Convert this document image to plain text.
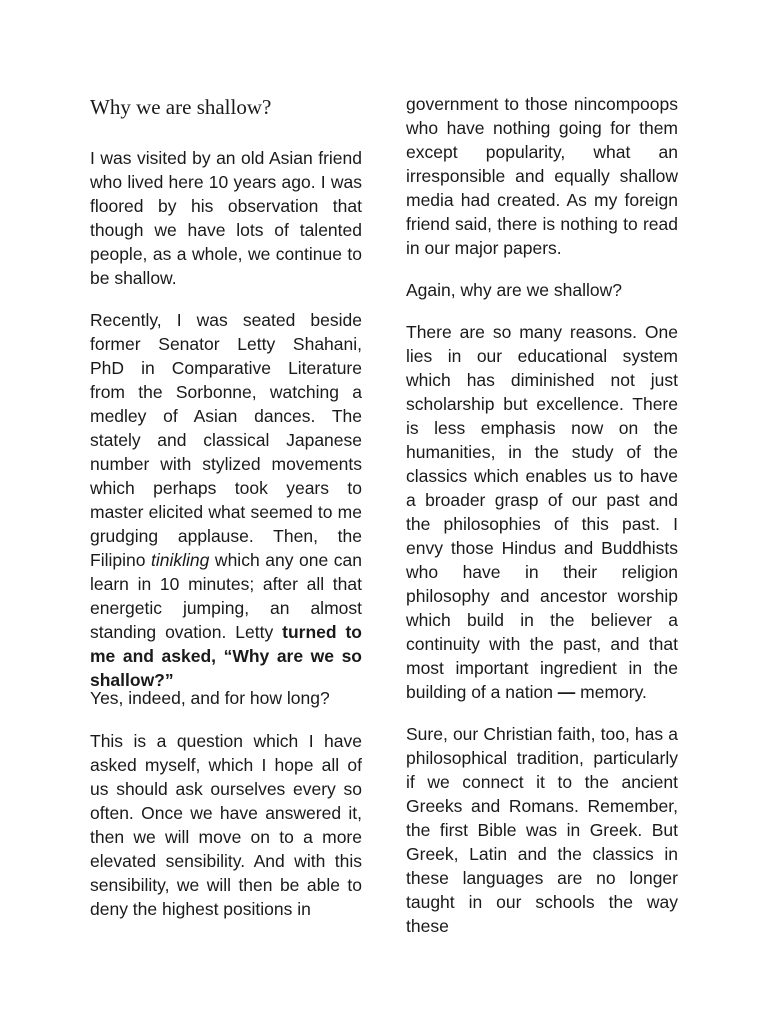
Why we are shallow?

I was visited by an old Asian friend who lived here 10 years ago. I was floored by his observation that though we have lots of talented people, as a whole, we continue to be shallow.

Recently, I was seated beside former Senator Letty Shahani, PhD in Comparative Literature from the Sorbonne, watching a medley of Asian dances. The stately and classical Japanese number with stylized movements which perhaps took years to master elicited what seemed to me grudging applause. Then, the Filipino tinikling which any one can learn in 10 minutes; after all that energetic jumping, an almost standing ovation. Letty turned to me and asked, “Why are we so shallow?”

Yes, indeed, and for how long?

This is a question which I have asked myself, which I hope all of us should ask ourselves every so often. Once we have answered it, then we will move on to a more elevated sensibility. And with this sensibility, we will then be able to deny the highest positions in

government to those nincompoops who have nothing going for them except popularity, what an irresponsible and equally shallow media had created. As my foreign friend said, there is nothing to read in our major papers.

Again, why are we shallow?

There are so many reasons. One lies in our educational system which has diminished not just scholarship but excellence. There is less emphasis now on the humanities, in the study of the classics which enables us to have a broader grasp of our past and the philosophies of this past. I envy those Hindus and Buddhists who have in their religion philosophy and ancestor worship which build in the believer a continuity with the past, and that most important ingredient in the building of a nation — memory.

Sure, our Christian faith, too, has a philosophical tradition, particularly if we connect it to the ancient Greeks and Romans. Remember, the first Bible was in Greek. But Greek, Latin and the classics in these languages are no longer taught in our schools the way these
